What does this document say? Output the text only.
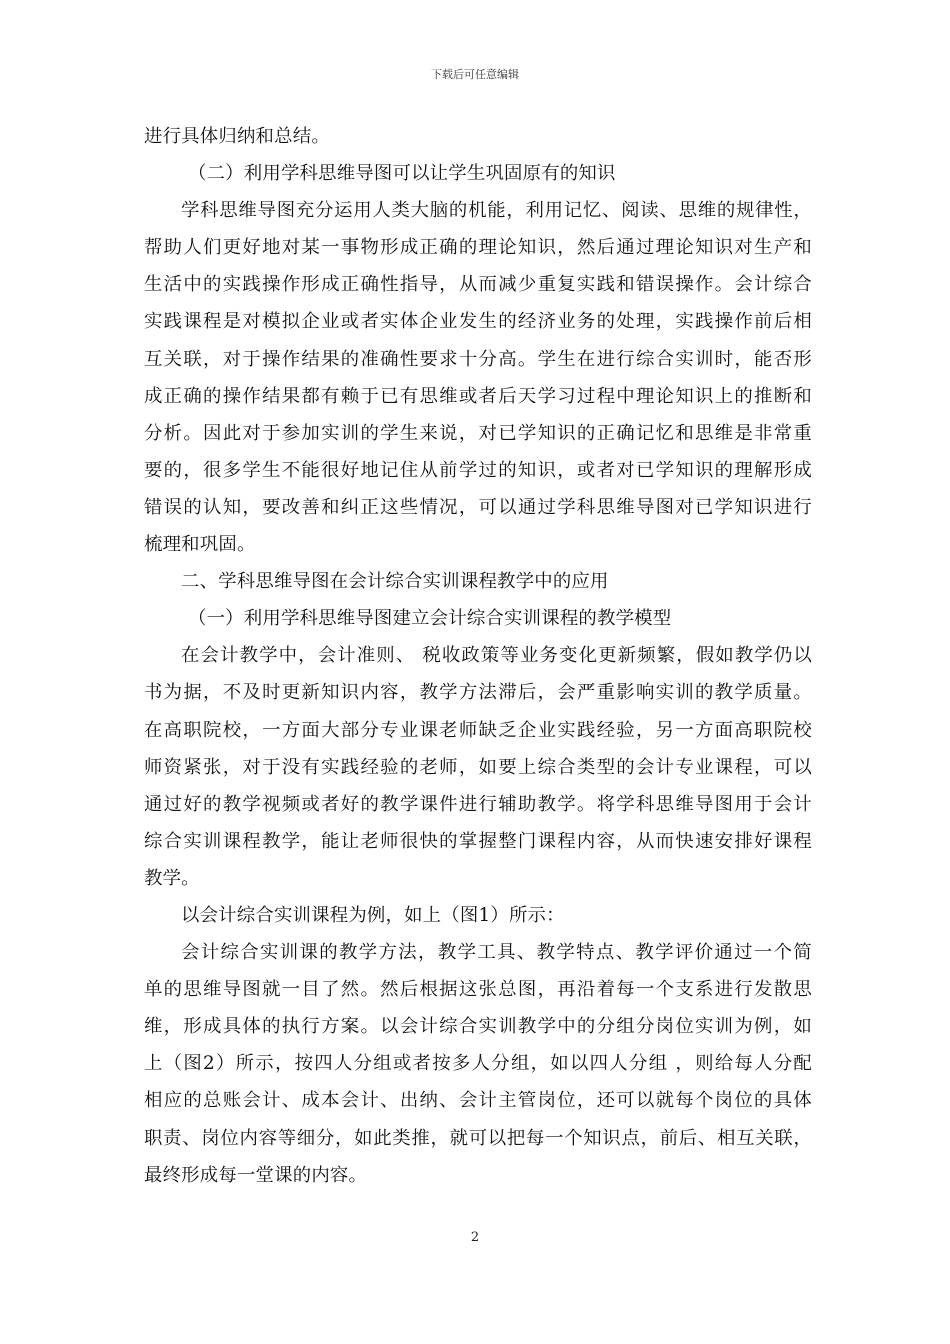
下载后可任意编辑
进行具体归纳和总结。
（二）利用学科思维导图可以让学生巩固原有的知识
学科思维导图充分运用人类大脑的机能，利用记忆、阅读、思维的规律性，
帮助人们更好地对某一事物形成正确的理论知识，然后通过理论知识对生产和
生活中的实践操作形成正确性指导，从而减少重复实践和错误操作。会计综合
实践课程是对模拟企业或者实体企业发生的经济业务的处理，实践操作前后相
互关联，对于操作结果的准确性要求十分高。学生在进行综合实训时，能否形
成正确的操作结果都有赖于已有思维或者后天学习过程中理论知识上的推断和
分析。因此对于参加实训的学生来说，对已学知识的正确记忆和思维是非常重
要的，很多学生不能很好地记住从前学过的知识，或者对已学知识的理解形成
错误的认知，要改善和纠正这些情况，可以通过学科思维导图对已学知识进行
梳理和巩固。
二、学科思维导图在会计综合实训课程教学中的应用
（一）利用学科思维导图建立会计综合实训课程的教学模型
在会计教学中，会计准则、 税收政策等业务变化更新频繁，假如教学仍以
书为据，不及时更新知识内容，教学方法滞后，会严重影响实训的教学质量。
在高职院校，一方面大部分专业课老师缺乏企业实践经验，另一方面高职院校
师资紧张，对于没有实践经验的老师，如要上综合类型的会计专业课程，可以
通过好的教学视频或者好的教学课件进行辅助教学。将学科思维导图用于会计
综合实训课程教学，能让老师很快的掌握整门课程内容，从而快速安排好课程
教学。
以会计综合实训课程为例，如上（图1）所示：
会计综合实训课的教学方法，教学工具、教学特点、教学评价通过一个简
单的思维导图就一目了然。然后根据这张总图，再沿着每一个支系进行发散思
维，形成具体的执行方案。以会计综合实训教学中的分组分岗位实训为例，如
上（图2）所示，按四人分组或者按多人分组，如以四人分组 ，则给每人分配
相应的总账会计、成本会计、出纳、会计主管岗位，还可以就每个岗位的具体
职责、岗位内容等细分，如此类推，就可以把每一个知识点，前后、相互关联，
最终形成每一堂课的内容。
2
